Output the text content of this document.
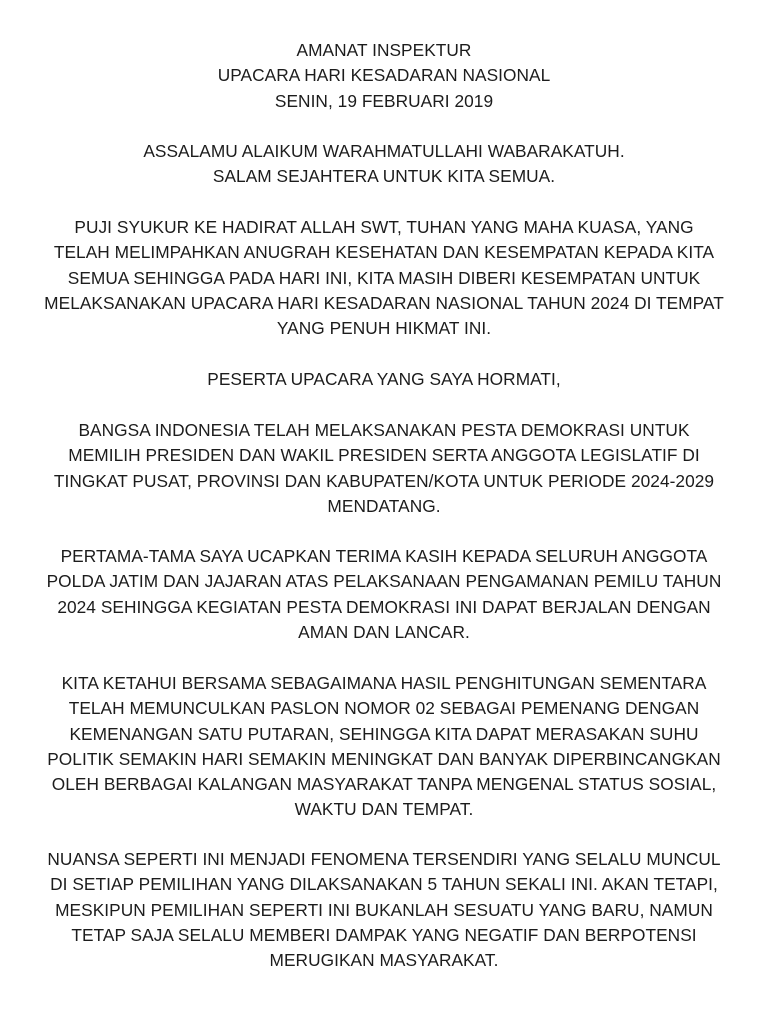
AMANAT INSPEKTUR
UPACARA HARI KESADARAN NASIONAL
SENIN, 19 FEBRUARI 2019
ASSALAMU ALAIKUM WARAHMATULLAHI WABARAKATUH.
SALAM SEJAHTERA UNTUK KITA SEMUA.
PUJI SYUKUR KE HADIRAT ALLAH SWT, TUHAN YANG MAHA KUASA, YANG
TELAH MELIMPAHKAN ANUGRAH KESEHATAN DAN KESEMPATAN KEPADA KITA
SEMUA SEHINGGA PADA HARI INI, KITA MASIH DIBERI KESEMPATAN UNTUK
MELAKSANAKAN UPACARA HARI KESADARAN NASIONAL TAHUN 2024 DI TEMPAT
YANG PENUH HIKMAT INI.
PESERTA UPACARA YANG SAYA HORMATI,
BANGSA INDONESIA TELAH MELAKSANAKAN PESTA DEMOKRASI UNTUK
MEMILIH PRESIDEN DAN WAKIL PRESIDEN SERTA ANGGOTA LEGISLATIF DI
TINGKAT PUSAT, PROVINSI DAN KABUPATEN/KOTA UNTUK PERIODE 2024-2029
MENDATANG.
PERTAMA-TAMA SAYA UCAPKAN TERIMA KASIH KEPADA SELURUH ANGGOTA
POLDA JATIM DAN JAJARAN ATAS PELAKSANAAN PENGAMANAN PEMILU TAHUN
2024 SEHINGGA KEGIATAN PESTA DEMOKRASI INI DAPAT BERJALAN DENGAN
AMAN DAN LANCAR.
KITA KETAHUI BERSAMA SEBAGAIMANA HASIL PENGHITUNGAN SEMENTARA
TELAH MEMUNCULKAN PASLON NOMOR 02 SEBAGAI PEMENANG DENGAN
KEMENANGAN SATU PUTARAN, SEHINGGA KITA DAPAT MERASAKAN SUHU
POLITIK SEMAKIN HARI SEMAKIN MENINGKAT DAN BANYAK DIPERBINCANGKAN
OLEH BERBAGAI KALANGAN MASYARAKAT TANPA MENGENAL STATUS SOSIAL,
WAKTU DAN TEMPAT.
NUANSA SEPERTI INI MENJADI FENOMENA TERSENDIRI YANG SELALU MUNCUL
DI SETIAP PEMILIHAN YANG DILAKSANAKAN 5 TAHUN SEKALI INI. AKAN TETAPI,
MESKIPUN PEMILIHAN SEPERTI INI BUKANLAH SESUATU YANG BARU, NAMUN
TETAP SAJA SELALU MEMBERI DAMPAK YANG NEGATIF DAN BERPOTENSI
MERUGIKAN MASYARAKAT.
